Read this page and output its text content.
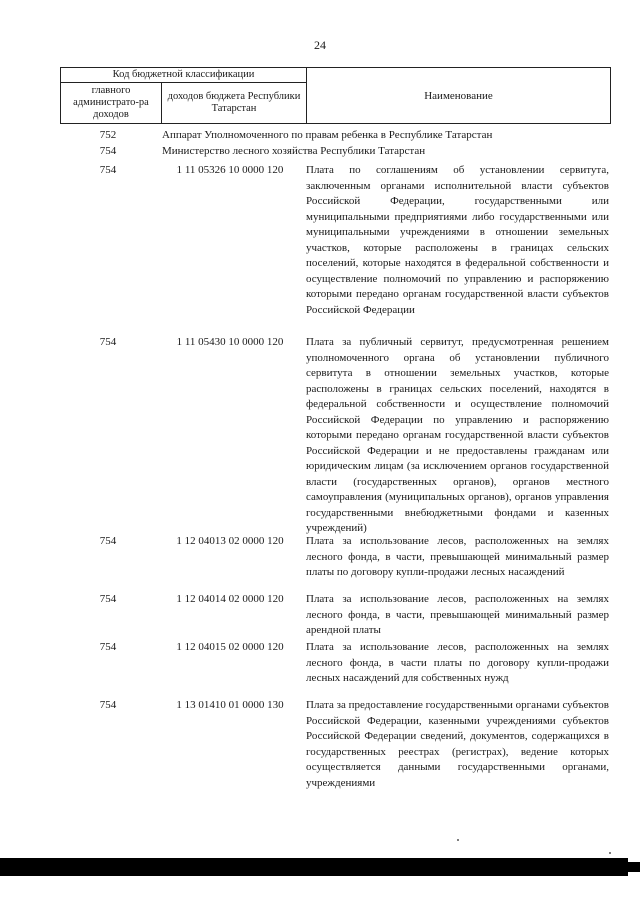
24
Код бюджетной классификации		Наименование
главного администрато-ра доходов	доходов бюджета Республики Татарстан	
752	Аппарат Уполномоченного по правам ребенка в Республике Татарстан
754	Министерство лесного хозяйства Республики Татарстан
754	1 11 05326 10 0000 120	Плата по соглашениям об установлении сервитута, заключенным органами исполнительной власти субъектов Российской Федерации, государственными или муниципальными предприятиями либо государственными или муниципальными учреждениями в отношении земельных участков, которые расположены в границах сельских поселений, которые находятся в федеральной собственности и осуществление полномочий по управлению и распоряжению которыми передано органам государственной власти субъектов Российской Федерации
754	1 11 05430 10 0000 120	Плата за публичный сервитут, предусмотренная решением уполномоченного органа об установлении публичного сервитута в отношении земельных участков, которые расположены в границах сельских поселений, находятся в федеральной собственности и осуществление полномочий Российской Федерации по управлению и распоряжению которыми передано органам государственной власти субъектов Российской Федерации и не предоставлены гражданам или юридическим лицам (за исключением органов государственной власти (государственных органов), органов местного самоуправления (муниципальных органов), органов управления государственными внебюджетными фондами и казенных учреждений)
754	1 12 04013 02 0000 120	Плата за использование лесов, расположенных на землях лесного фонда, в части, превышающей минимальный размер платы по договору купли-продажи лесных насаждений
754	1 12 04014 02 0000 120	Плата за использование лесов, расположенных на землях лесного фонда, в части, превышающей минимальный размер арендной платы
754	1 12 04015 02 0000 120	Плата за использование лесов, расположенных на землях лесного фонда, в части платы по договору купли-продажи лесных насаждений для собственных нужд
754	1 13 01410 01 0000 130	Плата за предоставление государственными органами субъектов Российской Федерации, казенными учреждениями субъектов Российской Федерации сведений, документов, содержащихся в государственных реестрах (регистрах), ведение которых осуществляется данными государственными органами, учреждениями
